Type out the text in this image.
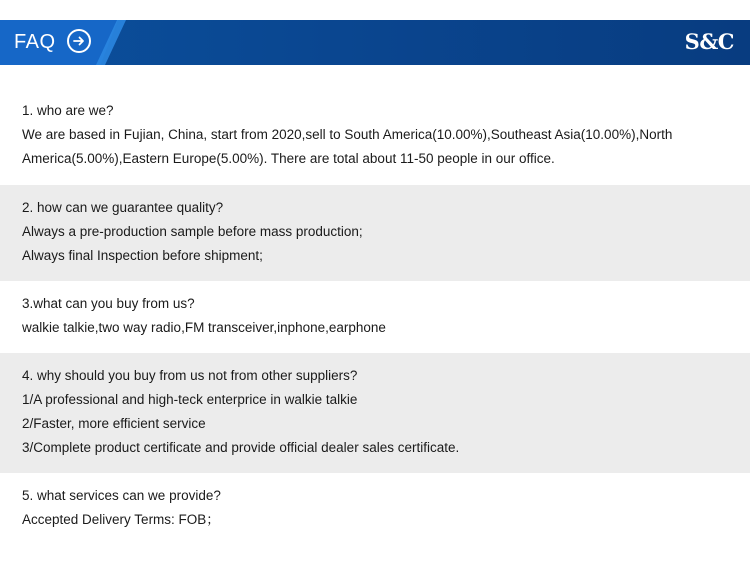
FAQ	S&C

1. who are we?

We are based in Fujian, China, start from 2020,sell to South America(10.00%),Southeast Asia(10.00%),North America(5.00%),Eastern Europe(5.00%). There are total about 11-50 people in our office.

2. how can we guarantee quality?

Always a pre-production sample before mass production;

Always final Inspection before shipment;

3.what can you buy from us?

walkie talkie,two way radio,FM transceiver,inphone,earphone

4. why should you buy from us not from other suppliers?

1/A professional and high-teck enterprice in walkie talkie

2/Faster, more efficient service

3/Complete product certificate and provide official dealer sales certificate.

5. what services can we provide?

Accepted Delivery Terms: FOB；
